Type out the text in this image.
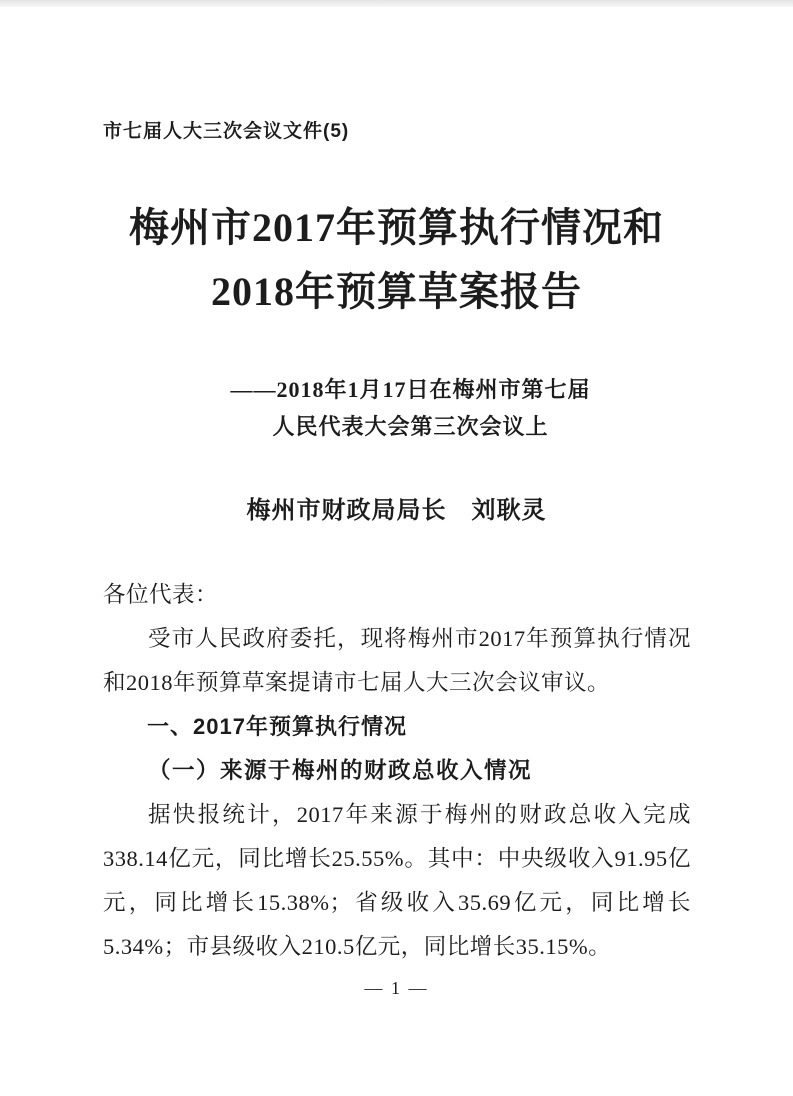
市七届人大三次会议文件(5)
梅州市2017年预算执行情况和
2018年预算草案报告
——2018年1月17日在梅州市第七届
人民代表大会第三次会议上
梅州市财政局局长　刘耿灵

各位代表：

受市人民政府委托，现将梅州市2017年预算执行情况和2018年预算草案提请市七届人大三次会议审议。

一、2017年预算执行情况
（一）来源于梅州的财政总收入情况

据快报统计，2017年来源于梅州的财政总收入完成338.14亿元，同比增长25.55%。其中：中央级收入91.95亿元，同比增长15.38%；省级收入35.69亿元，同比增长5.34%；市县级收入210.5亿元，同比增长35.15%。

— 1 —
